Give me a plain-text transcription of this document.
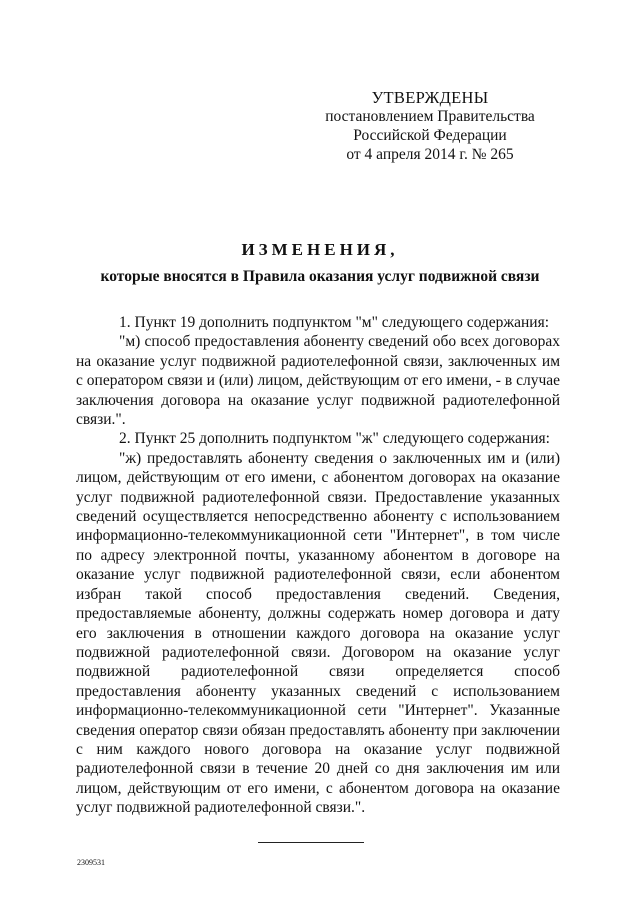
УТВЕРЖДЕНЫ
постановлением Правительства
Российской Федерации
от 4 апреля 2014 г. № 265
ИЗМЕНЕНИЯ,
которые вносятся в Правила оказания услуг подвижной связи

1. Пункт 19 дополнить подпунктом "м" следующего содержания:

"м) способ предоставления абоненту сведений обо всех договорах на оказание услуг подвижной радиотелефонной связи, заключенных им с оператором связи и (или) лицом, действующим от его имени, - в случае заключения договора на оказание услуг подвижной радиотелефонной связи.".

2. Пункт 25 дополнить подпунктом "ж" следующего содержания:

"ж) предоставлять абоненту сведения о заключенных им и (или) лицом, действующим от его имени, с абонентом договорах на оказание услуг подвижной радиотелефонной связи. Предоставление указанных сведений осуществляется непосредственно абоненту с использованием информационно-телекоммуникационной сети "Интернет", в том числе по адресу электронной почты, указанному абонентом в договоре на оказание услуг подвижной радиотелефонной связи, если абонентом избран такой способ предоставления сведений. Сведения, предоставляемые абоненту, должны содержать номер договора и дату его заключения в отношении каждого договора на оказание услуг подвижной радиотелефонной связи. Договором на оказание услуг подвижной радиотелефонной связи определяется способ предоставления абоненту указанных сведений с использованием информационно-телекоммуникационной сети "Интернет". Указанные сведения оператор связи обязан предоставлять абоненту при заключении с ним каждого нового договора на оказание услуг подвижной радиотелефонной связи в течение 20 дней со дня заключения им или лицом, действующим от его имени, с абонентом договора на оказание услуг подвижной радиотелефонной связи.".

2309531
